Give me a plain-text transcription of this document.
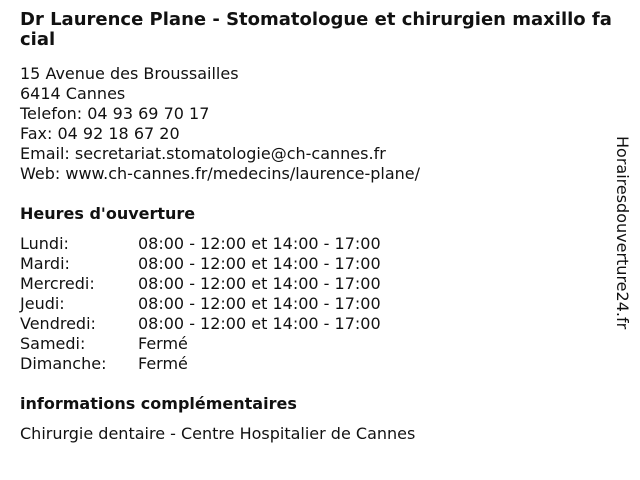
Dr Laurence Plane - Stomatologue et chirurgien maxillo facial
15 Avenue des Broussailles
6414 Cannes
Telefon: 04 93 69 70 17
Fax: 04 92 18 67 20
Email: secretariat.stomatologie@ch-cannes.fr
Web: www.ch-cannes.fr/medecins/laurence-plane/
Heures d'ouverture
Lundi:	08:00 - 12:00 et 14:00 - 17:00
Mardi:	08:00 - 12:00 et 14:00 - 17:00
Mercredi:	08:00 - 12:00 et 14:00 - 17:00
Jeudi:	08:00 - 12:00 et 14:00 - 17:00
Vendredi:	08:00 - 12:00 et 14:00 - 17:00
Samedi:	Fermé
Dimanche:	Fermé
informations complémentaires
Chirurgie dentaire - Centre Hospitalier de Cannes
Horairesdouverture24.fr
